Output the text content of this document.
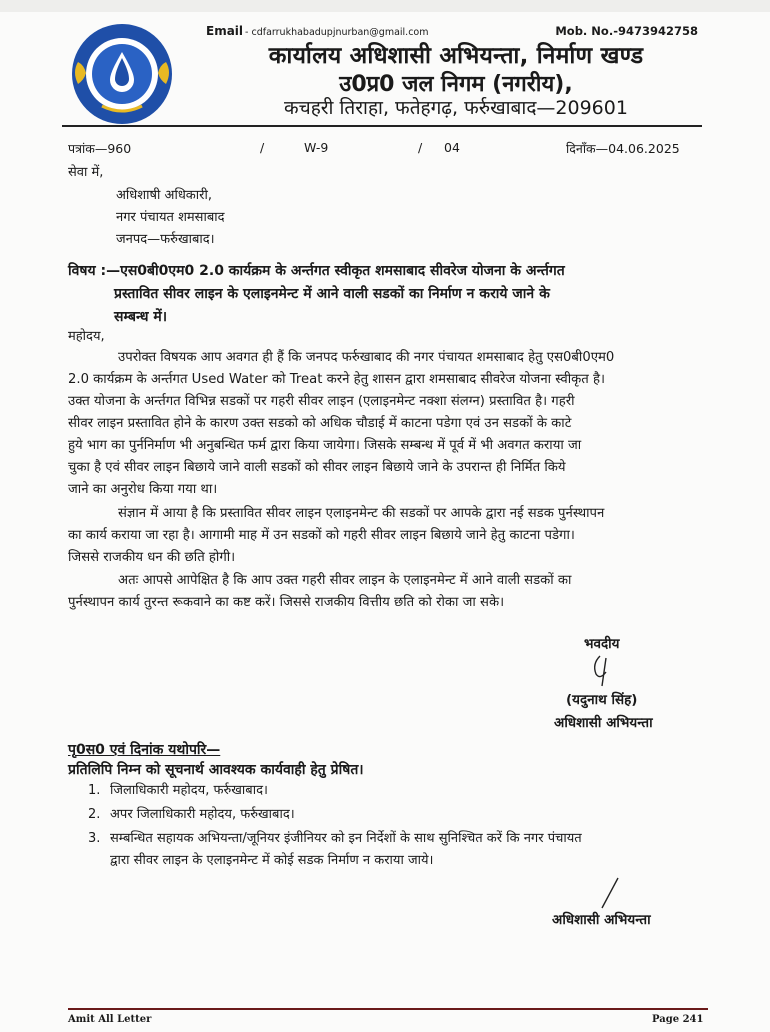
Email - cdfarrukhabadupjnurban@gmail.com	Mob. No.-9473942758
कार्यालय अधिशासी अभियन्ता, निर्माण खण्ड
उ0प्र0 जल निगम (नगरीय),
कचहरी तिराहा, फतेहगढ़, फर्रुखाबाद—209601
पत्रांक—960	/	W-9	/ 04	दिनाँक—04.06.2025
सेवा में,
अधिशाषी अधिकारी,
नगर पंचायत शमसाबाद
जनपद—फर्रुखाबाद।
विषय :—एस0बी0एम0 2.0 कार्यक्रम के अर्न्तगत स्वीकृत शमसाबाद सीवरेज योजना के अर्न्तगत
प्रस्तावित सीवर लाइन के एलाइनमेन्ट में आने वाली सडकों का निर्माण न कराये जाने के
सम्बन्ध में।
महोदय,
उपरोक्त विषयक आप अवगत ही हैं कि जनपद फर्रुखाबाद की नगर पंचायत शमसाबाद हेतु एस0बी0एम0
2.0 कार्यक्रम के अर्न्तगत Used Water को Treat करने हेतु शासन द्वारा शमसाबाद सीवरेज योजना स्वीकृत है।
उक्त योजना के अर्न्तगत विभिन्न सडकों पर गहरी सीवर लाइन (एलाइनमेन्ट नक्शा संलग्न) प्रस्तावित है। गहरी
सीवर लाइन प्रस्तावित होने के कारण उक्त सडको को अधिक चौडाई में काटना पडेगा एवं उन सडकों के काटे
हुये भाग का पुर्ननिर्माण भी अनुबन्धित फर्म द्वारा किया जायेगा। जिसके सम्बन्ध में पूर्व में भी अवगत कराया जा
चुका है एवं सीवर लाइन बिछाये जाने वाली सडकों को सीवर लाइन बिछाये जाने के उपरान्त ही निर्मित किये
जाने का अनुरोध किया गया था।
संज्ञान में आया है कि प्रस्तावित सीवर लाइन एलाइनमेन्ट की सडकों पर आपके द्वारा नई सडक पुर्नस्थापन
का कार्य कराया जा रहा है। आगामी माह में उन सडकों को गहरी सीवर लाइन बिछाये जाने हेतु काटना पडेगा।
जिससे राजकीय धन की छति होगी।
अतः आपसे आपेक्षित है कि आप उक्त गहरी सीवर लाइन के एलाइनमेन्ट में आने वाली सडकों का
पुर्नस्थापन कार्य तुरन्त रूकवाने का कष्ट करें। जिससे राजकीय वित्तीय छति को रोका जा सके।
भवदीय
(यदुनाथ सिंह)
अधिशासी अभियन्ता
पृ0स0 एवं दिनांक यथोपरि—
प्रतिलिपि निम्न को सूचनार्थ आवश्यक कार्यवाही हेतु प्रेषित।
1. जिलाधिकारी महोदय, फर्रुखाबाद।
2. अपर जिलाधिकारी महोदय, फर्रुखाबाद।
3. सम्बन्धित सहायक अभियन्ता/जूनियर इंजीनियर को इन निर्देशों के साथ सुनिश्चित करें कि नगर पंचायत
द्वारा सीवर लाइन के एलाइनमेन्ट में कोई सडक निर्माण न कराया जाये।
अधिशासी अभियन्ता
Amit All Letter	Page 241
